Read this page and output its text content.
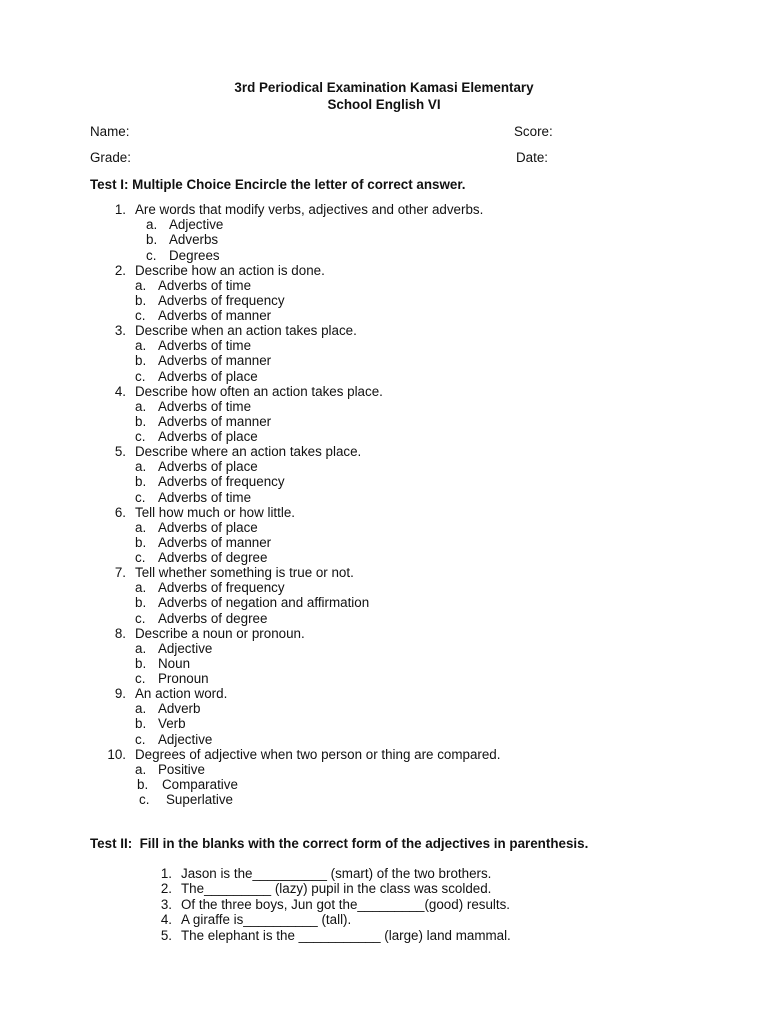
3rd Periodical Examination Kamasi Elementary
School English VI
Name:	Score:
Grade:	Date:
Test I: Multiple Choice Encircle the letter of correct answer.
1. Are words that modify verbs, adjectives and other adverbs.
a. Adjective
b. Adverbs
c. Degrees
2. Describe how an action is done.
a. Adverbs of time
b. Adverbs of frequency
c. Adverbs of manner
3. Describe when an action takes place.
a. Adverbs of time
b. Adverbs of manner
c. Adverbs of place
4. Describe how often an action takes place.
a. Adverbs of time
b. Adverbs of manner
c. Adverbs of place
5. Describe where an action takes place.
a. Adverbs of place
b. Adverbs of frequency
c. Adverbs of time
6. Tell how much or how little.
a. Adverbs of place
b. Adverbs of manner
c. Adverbs of degree
7. Tell whether something is true or not.
a. Adverbs of frequency
b. Adverbs of negation and affirmation
c. Adverbs of degree
8. Describe a noun or pronoun.
a. Adjective
b. Noun
c. Pronoun
9. An action word.
a. Adverb
b. Verb
c. Adjective
10. Degrees of adjective when two person or thing are compared.
a. Positive
b. Comparative
c. Superlative
Test II:  Fill in the blanks with the correct form of the adjectives in parenthesis.
1. Jason is the__________ (smart) of the two brothers.
2. The_________ (lazy) pupil in the class was scolded.
3. Of the three boys, Jun got the_________(good) results.
4. A giraffe is__________ (tall).
5. The elephant is the ___________ (large) land mammal.
